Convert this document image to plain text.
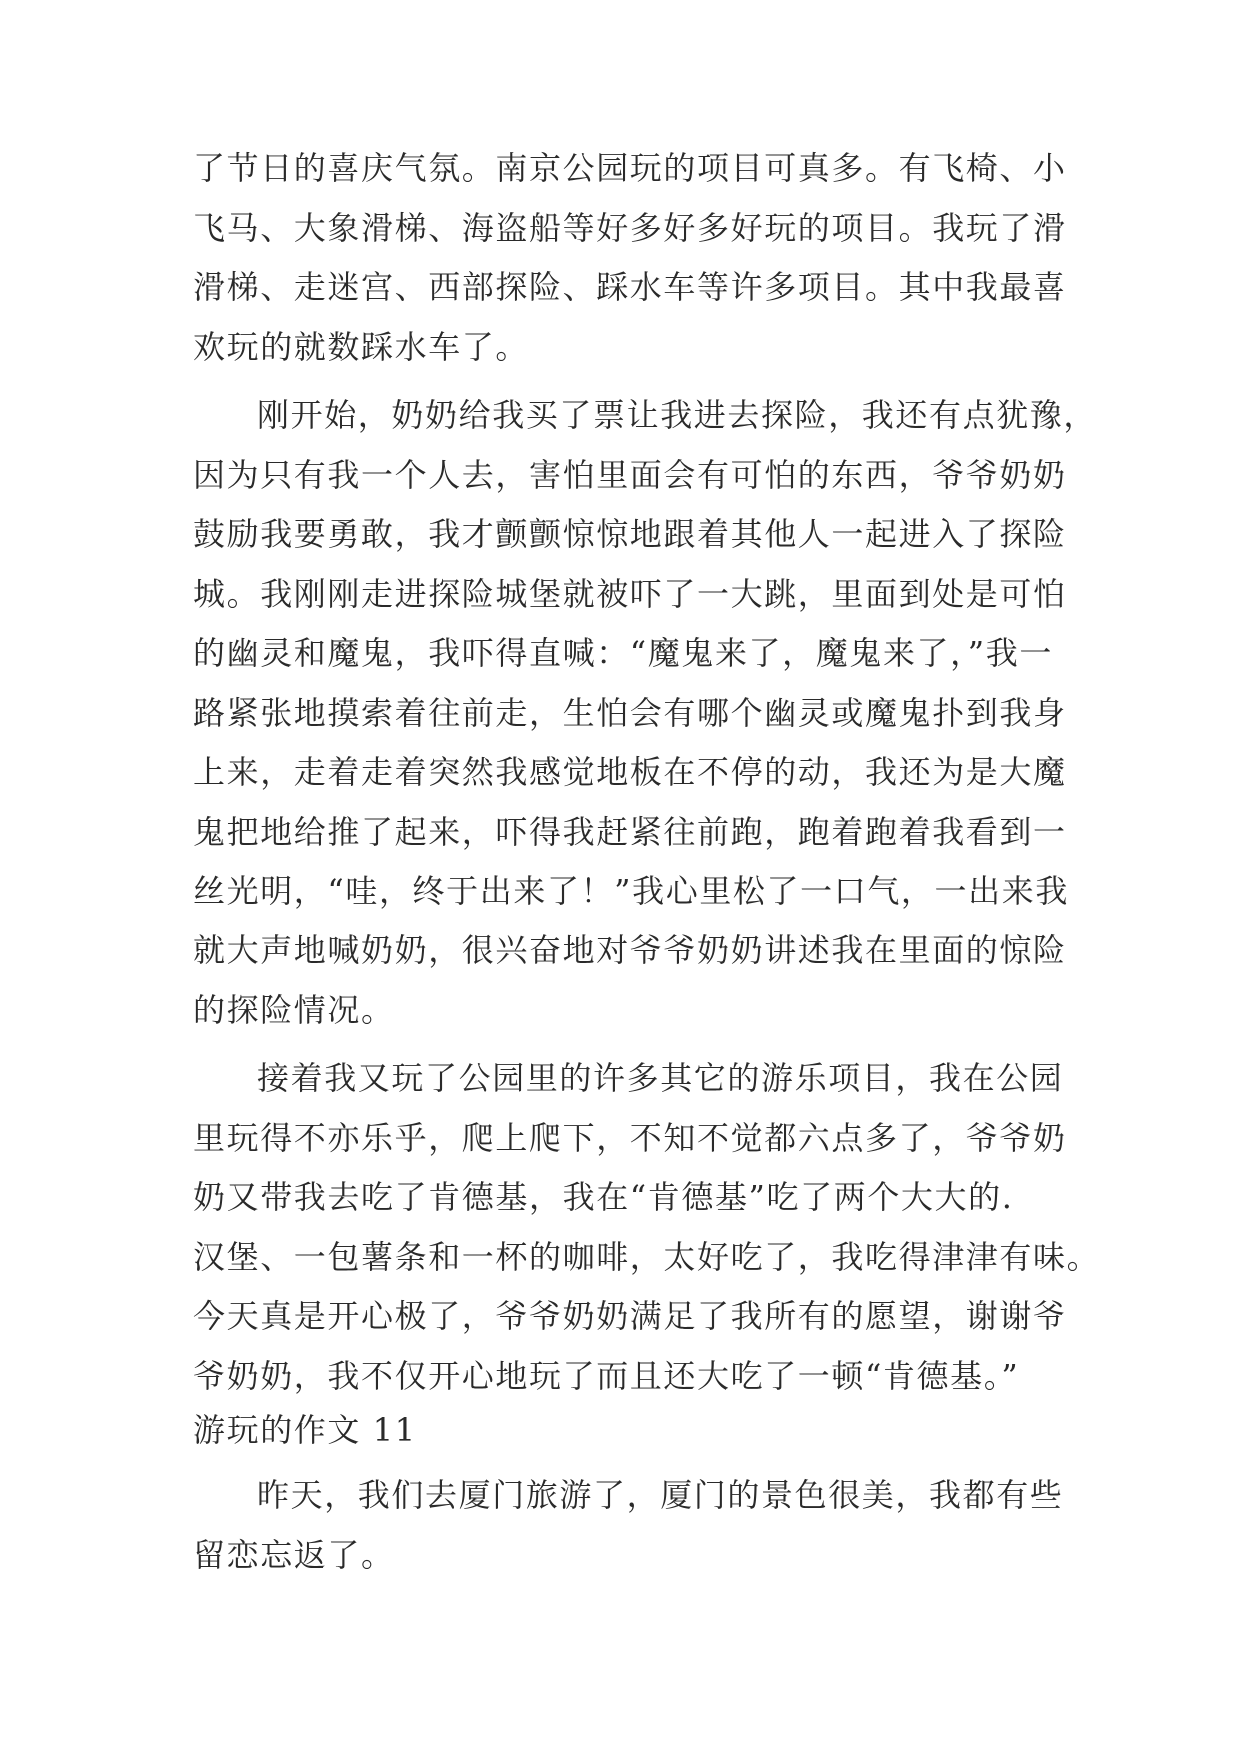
了节日的喜庆气氛。南京公园玩的项目可真多。有飞椅、小
飞马、大象滑梯、海盗船等好多好多好玩的项目。我玩了滑
滑梯、走迷宫、西部探险、踩水车等许多项目。其中我最喜
欢玩的就数踩水车了。
刚开始，奶奶给我买了票让我进去探险，我还有点犹豫，
因为只有我一个人去，害怕里面会有可怕的东西，爷爷奶奶
鼓励我要勇敢，我才颤颤惊惊地跟着其他人一起进入了探险
城。我刚刚走进探险城堡就被吓了一大跳，里面到处是可怕
的幽灵和魔鬼，我吓得直喊：“魔鬼来了，魔鬼来了，”我一
路紧张地摸索着往前走，生怕会有哪个幽灵或魔鬼扑到我身
上来，走着走着突然我感觉地板在不停的动，我还为是大魔
鬼把地给推了起来，吓得我赶紧往前跑，跑着跑着我看到一
丝光明，“哇，终于出来了！”我心里松了一口气，一出来我
就大声地喊奶奶，很兴奋地对爷爷奶奶讲述我在里面的惊险
的探险情况。
接着我又玩了公园里的许多其它的游乐项目，我在公园
里玩得不亦乐乎，爬上爬下，不知不觉都六点多了，爷爷奶
奶又带我去吃了肯德基，我在“肯德基”吃了两个大大的.
汉堡、一包薯条和一杯的咖啡，太好吃了，我吃得津津有味。
今天真是开心极了，爷爷奶奶满足了我所有的愿望，谢谢爷
爷奶奶，我不仅开心地玩了而且还大吃了一顿“肯德基。”
游玩的作文 11
昨天，我们去厦门旅游了，厦门的景色很美，我都有些
留恋忘返了。
